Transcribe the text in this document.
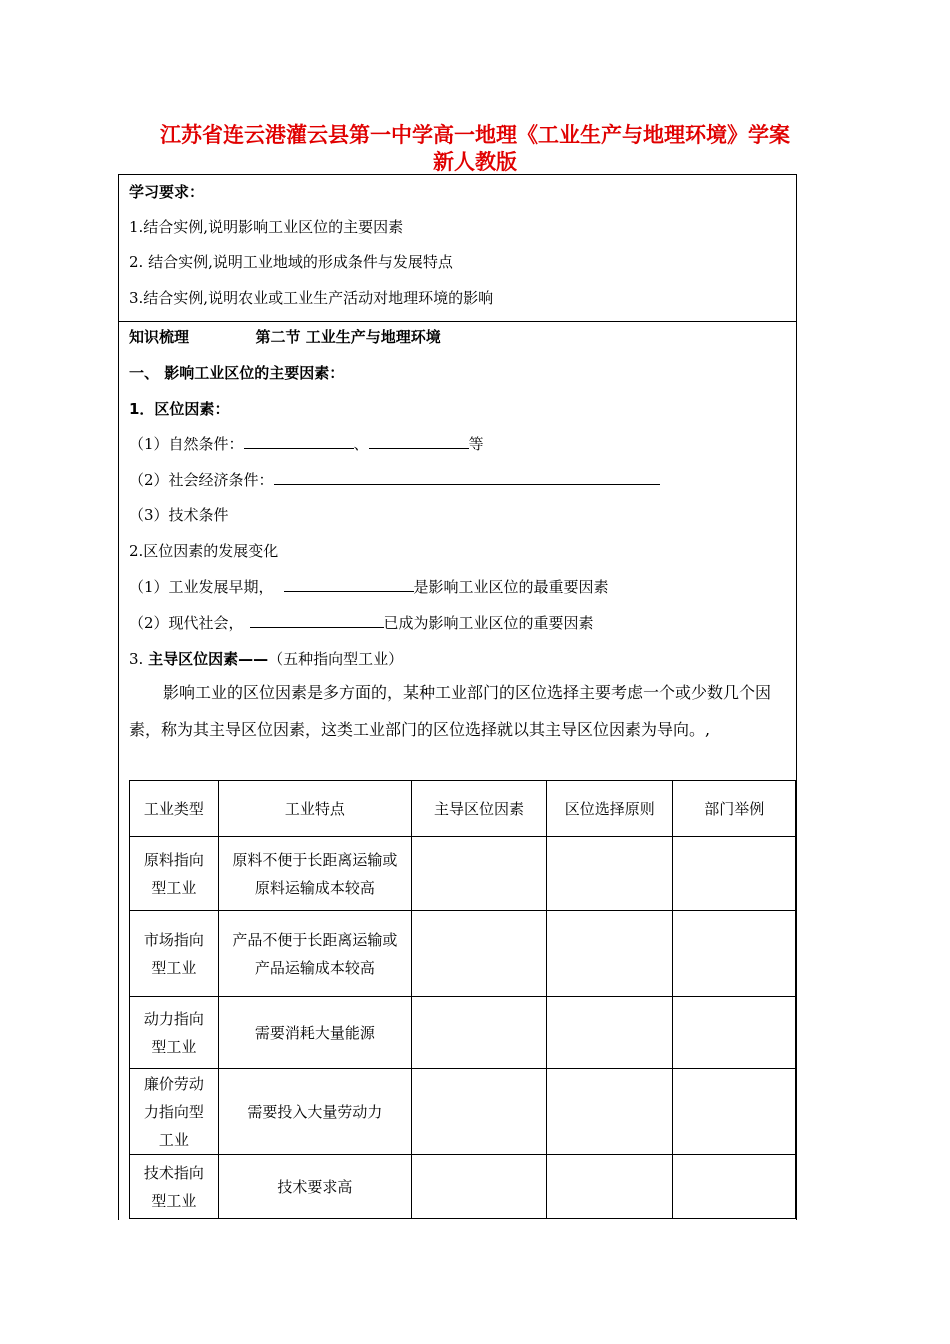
江苏省连云港灌云县第一中学高一地理《工业生产与地理环境》学案
新人教版
学习要求：
1.结合实例,说明影响工业区位的主要因素
2. 结合实例,说明工业地域的形成条件与发展特点
3.结合实例,说明农业或工业生产活动对地理环境的影响
知识梳理	第二节 工业生产与地理环境
一、 影响工业区位的主要因素：
1．区位因素：
（1）自然条件：	、	等
（2）社会经济条件：
（3）技术条件
2.区位因素的发展变化
（1）工业发展早期，	是影响工业区位的最重要因素
（2）现代社会，	已成为影响工业区位的重要因素
3. 主导区位因素——（五种指向型工业）
影响工业的区位因素是多方面的，某种工业部门的区位选择主要考虑一个或少数几个因素，称为其主导区位因素，这类工业部门的区位选择就以其主导区位因素为导向。,
工业类型	工业特点	主导区位因素	区位选择原则	部门举例
原料指向型工业	原料不便于长距离运输或原料运输成本较高			
市场指向型工业	产品不便于长距离运输或产品运输成本较高			
动力指向型工业	需要消耗大量能源			
廉价劳动力指向型工业	需要投入大量劳动力			
技术指向型工业	技术要求高			
